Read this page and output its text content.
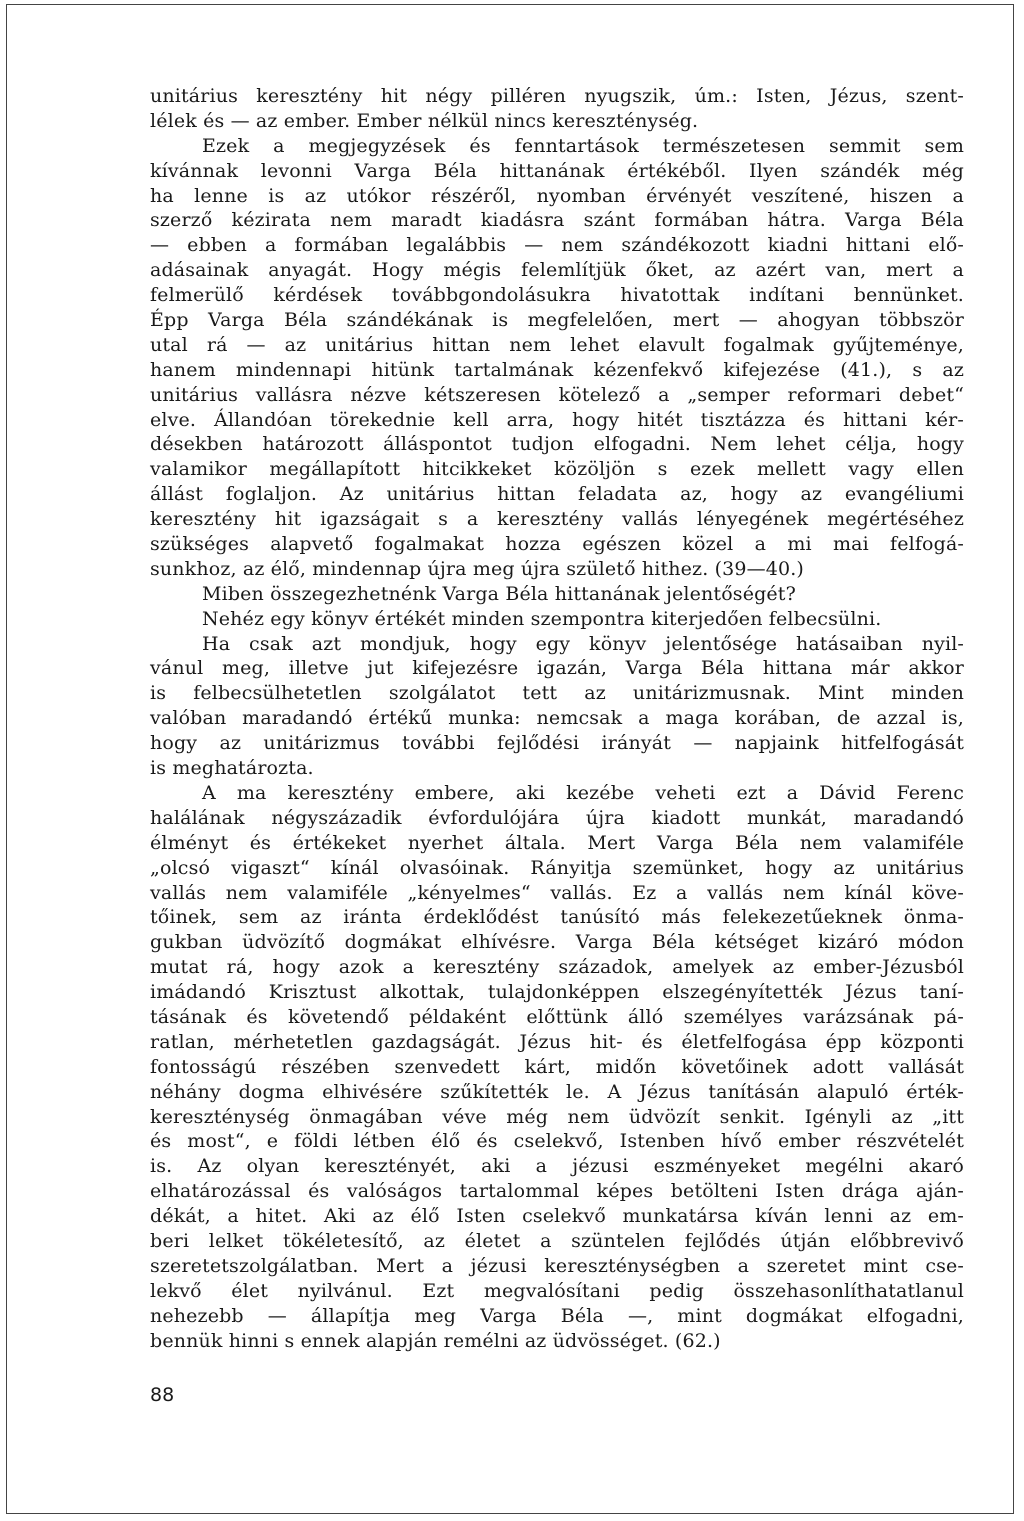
unitárius keresztény hit négy pilléren nyugszik, úm.: Isten, Jézus, szent-
lélek és — az ember. Ember nélkül nincs kereszténység.
Ezek a megjegyzések és fenntartások természetesen semmit sem
kívánnak levonni Varga Béla hittanának értékéből. Ilyen szándék még
ha lenne is az utókor részéről, nyomban érvényét veszítené, hiszen a
szerző kézirata nem maradt kiadásra szánt formában hátra. Varga Béla
— ebben a formában legalábbis — nem szándékozott kiadni hittani elő-
adásainak anyagát. Hogy mégis felemlítjük őket, az azért van, mert a
felmerülő kérdések továbbgondolásukra hivatottak indítani bennünket.
Épp Varga Béla szándékának is megfelelően, mert — ahogyan többször
utal rá — az unitárius hittan nem lehet elavult fogalmak gyűjteménye,
hanem mindennapi hitünk tartalmának kézenfekvő kifejezése (41.), s az
unitárius vallásra nézve kétszeresen kötelező a „semper reformari debet“
elve. Állandóan törekednie kell arra, hogy hitét tisztázza és hittani kér-
désekben határozott álláspontot tudjon elfogadni. Nem lehet célja, hogy
valamikor megállapított hitcikkeket közöljön s ezek mellett vagy ellen
állást foglaljon. Az unitárius hittan feladata az, hogy az evangéliumi
keresztény hit igazságait s a keresztény vallás lényegének megértéséhez
szükséges alapvető fogalmakat hozza egészen közel a mi mai felfogá-
sunkhoz, az élő, mindennap újra meg újra születő hithez. (39—40.)
Miben összegezhetnénk Varga Béla hittanának jelentőségét?
Nehéz egy könyv értékét minden szempontra kiterjedően felbecsülni.
Ha csak azt mondjuk, hogy egy könyv jelentősége hatásaiban nyil-
vánul meg, illetve jut kifejezésre igazán, Varga Béla hittana már akkor
is felbecsülhetetlen szolgálatot tett az unitárizmusnak. Mint minden
valóban maradandó értékű munka: nemcsak a maga korában, de azzal is,
hogy az unitárizmus további fejlődési irányát — napjaink hitfelfogását
is meghatározta.
A ma keresztény embere, aki kezébe veheti ezt a Dávid Ferenc
halálának négyszázadik évfordulójára újra kiadott munkát, maradandó
élményt és értékeket nyerhet általa. Mert Varga Béla nem valamiféle
„olcsó vigaszt“ kínál olvasóinak. Rányitja szemünket, hogy az unitárius
vallás nem valamiféle „kényelmes“ vallás. Ez a vallás nem kínál köve-
tőinek, sem az iránta érdeklődést tanúsító más felekezetűeknek önma-
gukban üdvözítő dogmákat elhívésre. Varga Béla kétséget kizáró módon
mutat rá, hogy azok a keresztény századok, amelyek az ember-Jézusból
imádandó Krisztust alkottak, tulajdonképpen elszegényítették Jézus taní-
tásának és követendő példaként előttünk álló személyes varázsának pá-
ratlan, mérhetetlen gazdagságát. Jézus hit- és életfelfogása épp központi
fontosságú részében szenvedett kárt, midőn követőinek adott vallását
néhány dogma elhivésére szűkítették le. A Jézus tanításán alapuló érték-
kereszténység önmagában véve még nem üdvözít senkit. Igényli az „itt
és most“, e földi létben élő és cselekvő, Istenben hívő ember részvételét
is. Az olyan keresztényét, aki a jézusi eszményeket megélni akaró
elhatározással és valóságos tartalommal képes betölteni Isten drága aján-
dékát, a hitet. Aki az élő Isten cselekvő munkatársa kíván lenni az em-
beri lelket tökéletesítő, az életet a szüntelen fejlődés útján előbbrevivő
szeretetszolgálatban. Mert a jézusi kereszténységben a szeretet mint cse-
lekvő élet nyilvánul. Ezt megvalósítani pedig összehasonlíthatatlanul
nehezebb — állapítja meg Varga Béla —, mint dogmákat elfogadni,
bennük hinni s ennek alapján remélni az üdvösséget. (62.)
88
